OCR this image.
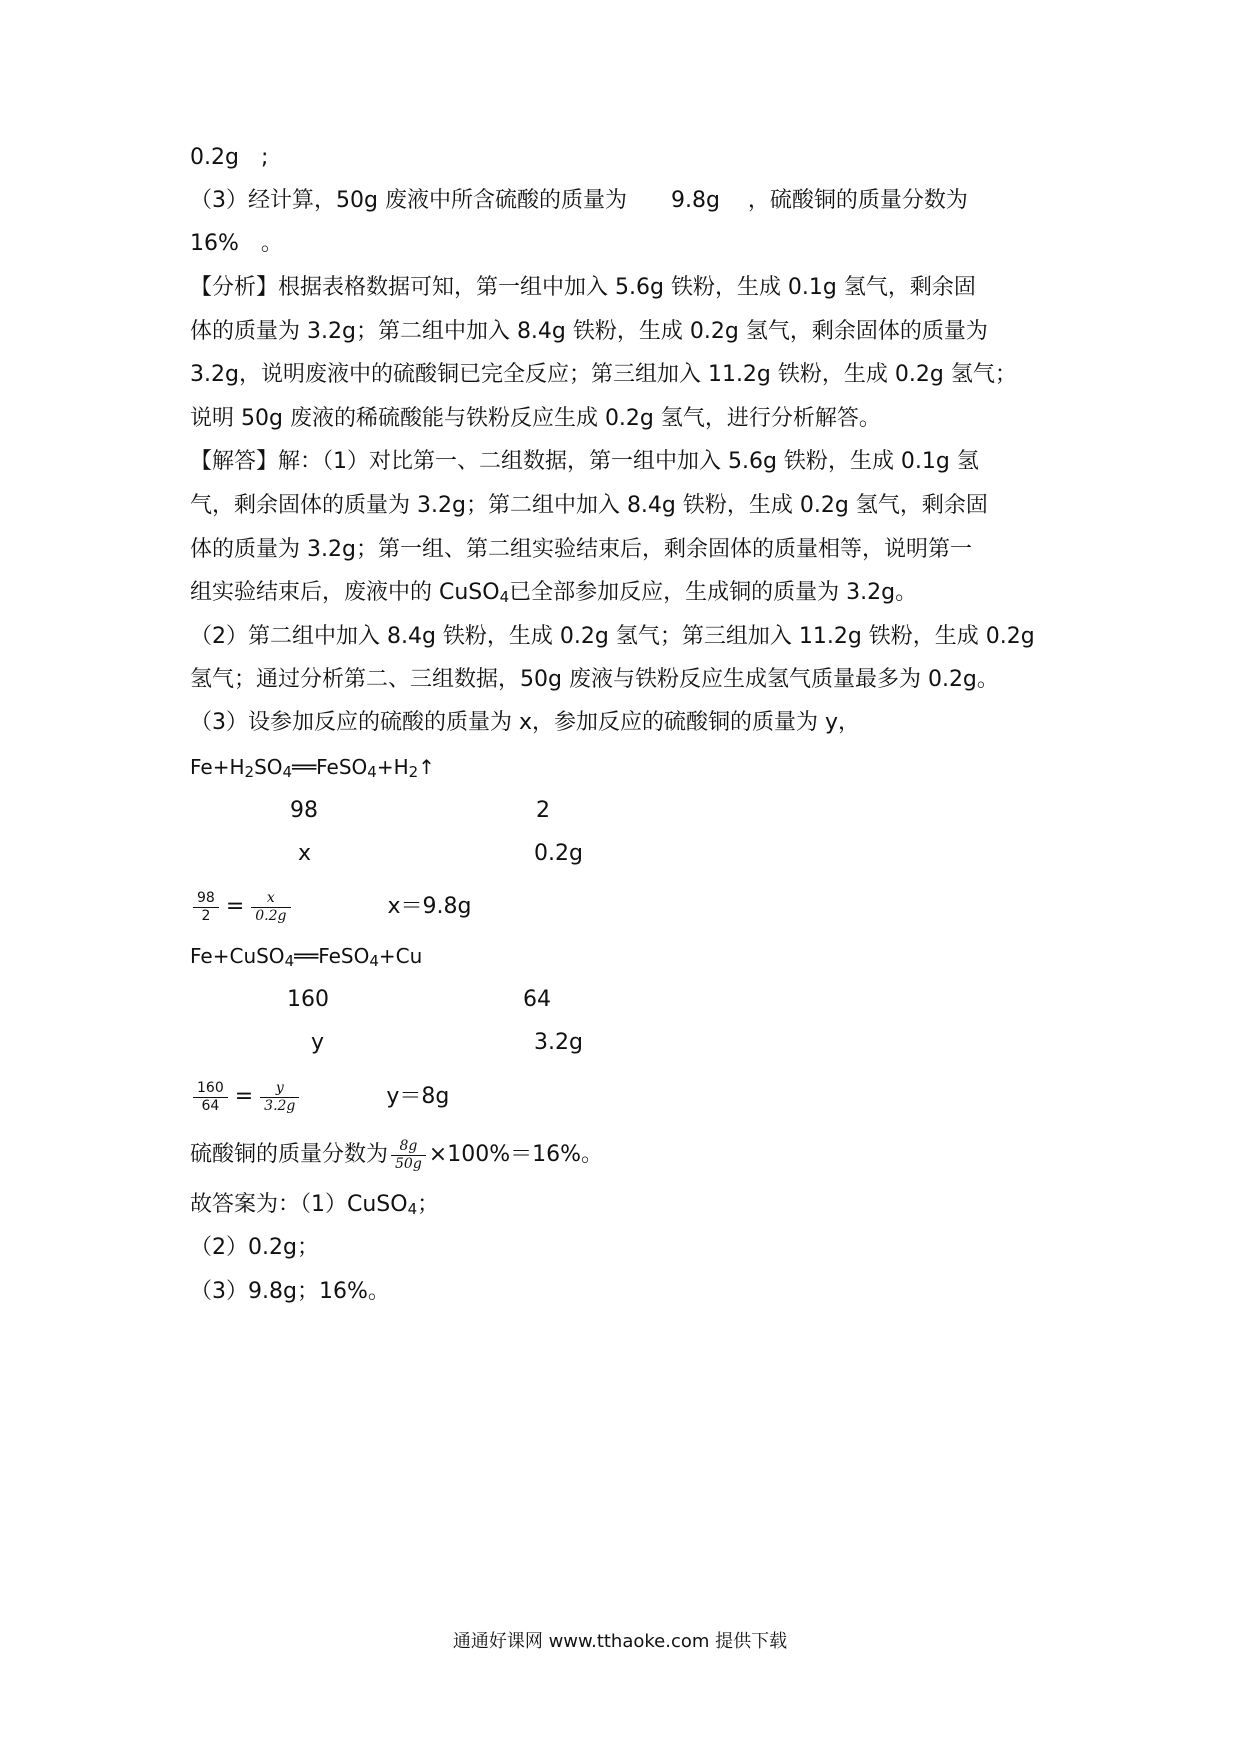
0.2g　;
（3）经计算，50g 废液中所含硫酸的质量为 9.8g ，硫酸铜的质量分数为
16%　。
【分析】根据表格数据可知，第一组中加入 5.6g 铁粉，生成 0.1g 氢气，剩余固
体的质量为 3.2g；第二组中加入 8.4g 铁粉，生成 0.2g 氢气，剩余固体的质量为
3.2g，说明废液中的硫酸铜已完全反应；第三组加入 11.2g 铁粉，生成 0.2g 氢气；
说明 50g 废液的稀硫酸能与铁粉反应生成 0.2g 氢气，进行分析解答。
【解答】解：（1）对比第一、二组数据，第一组中加入 5.6g 铁粉，生成 0.1g 氢
气，剩余固体的质量为 3.2g；第二组中加入 8.4g 铁粉，生成 0.2g 氢气，剩余固
体的质量为 3.2g；第一组、第二组实验结束后，剩余固体的质量相等，说明第一
组实验结束后，废液中的 CuSO$_4$已全部参加反应，生成铜的质量为 3.2g。
（2）第二组中加入 8.4g 铁粉，生成 0.2g 氢气；第三组加入 11.2g 铁粉，生成 0.2g
氢气；通过分析第二、三组数据，50g 废液与铁粉反应生成氢气质量最多为 0.2g。
（3）设参加反应的硫酸的质量为 x，参加反应的硫酸铜的质量为 y，
$Fe+H_2SO_4══FeSO_4+H_2↑$
98	2
x	0.2g
$\frac{98}{2} = \frac{x}{0.2g}$	x＝9.8g
Fe+CuSO$_4$══FeSO$_4$+Cu
160	64
y	3.2g
$\frac{160}{64} = \frac{y}{3.2g}$	y＝8g
硫酸铜的质量分数为 $\frac{8g}{50g} \times 100\%=16\%$。
故答案为：（1）CuSO$_4$；
（2）0.2g；
（3）9.8g；16%。
通通好课网 www.tthaoke.com 提供下载
